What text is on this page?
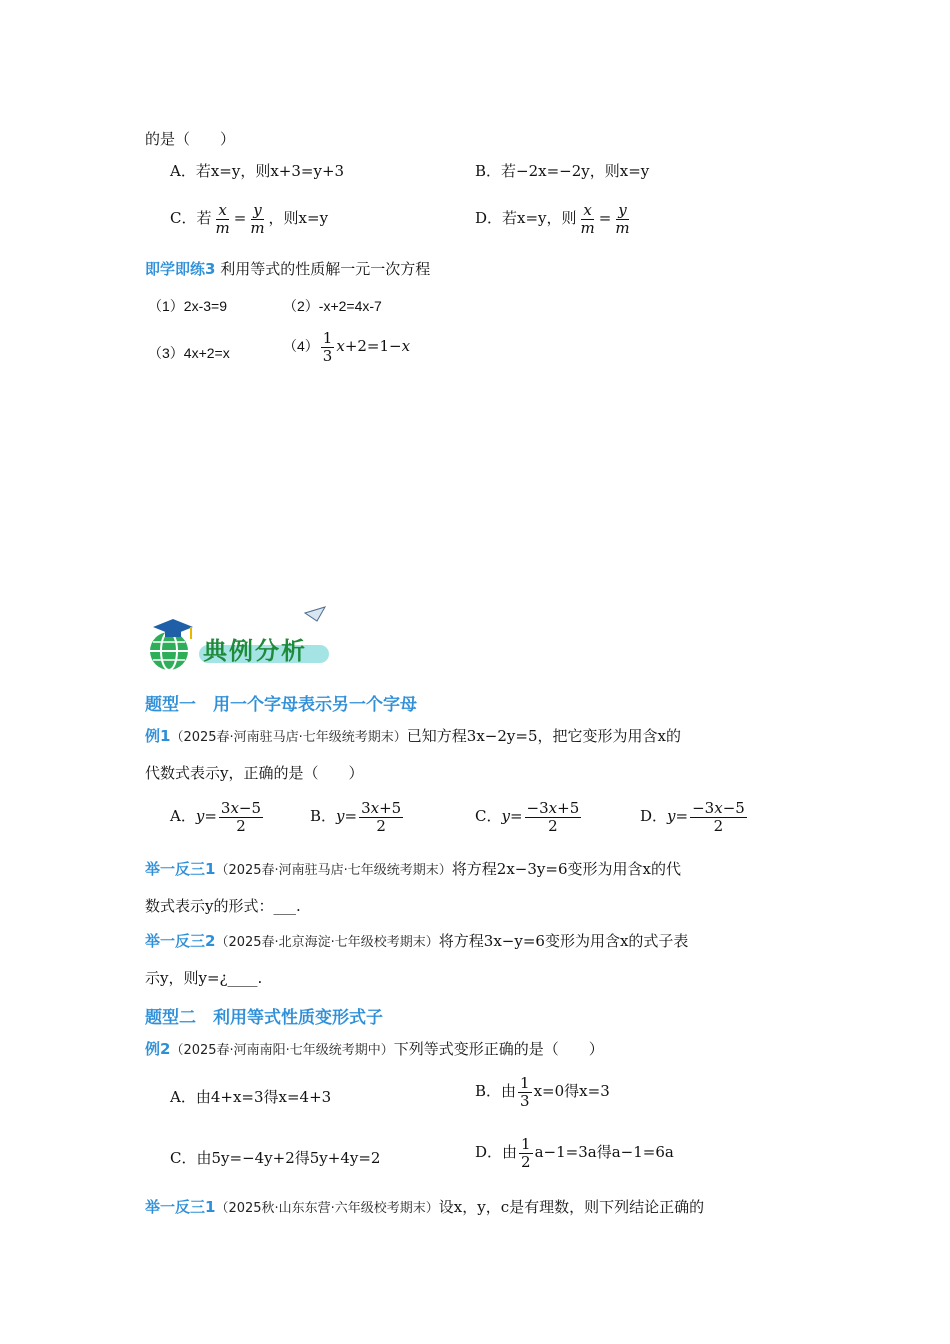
的是（　　）
A．若x=y，则x+3=y+3	B．若−2x=−2y，则x=y
C．若 $\frac{x}{m} = \frac{y}{m}$ ，则x=y	D．若x=y，则 $\frac{x}{m} = \frac{y}{m}$
即学即练3 利用等式的性质解一元一次方程
（1）2x-3=9	（2）-x+2=4x-7
（3）4x+2=x	$(4) \frac{1}{3} x+2=1-x$
典例分析
题型一　用一个字母表示另一个字母
例1（2025春·河南驻马店·七年级统考期末）已知方程3x−2y=5，把它变形为用含x的
代数式表示y，正确的是（　　）
A．$y= \frac{3x-5}{2}$	B．$y= \frac{3x+5}{2}$	C．$y= \frac{-3x+5}{2}$	D．$y= \frac{-3x-5}{2}$
举一反三1（2025春·河南驻马店·七年级统考期末）将方程2x−3y=6变形为用含x的代
数式表示y的形式：___.
举一反三2（2025春·北京海淀·七年级校考期末）将方程3x−y=6变形为用含x的式子表
示y，则y=¿____.
题型二　利用等式性质变形式子
例2（2025春·河南南阳·七年级统考期中）下列等式变形正确的是（　　）
A．由4+x=3得x=4+3	B．由 $\frac{1}{3} x=0$得x=3
C．由5y=−4y+2得5y+4y=2	D．由 $\frac{1}{2} a-1=3a$得a−1=6a
举一反三1（2025秋·山东东营·六年级校考期末）设x，y，c是有理数，则下列结论正确的
